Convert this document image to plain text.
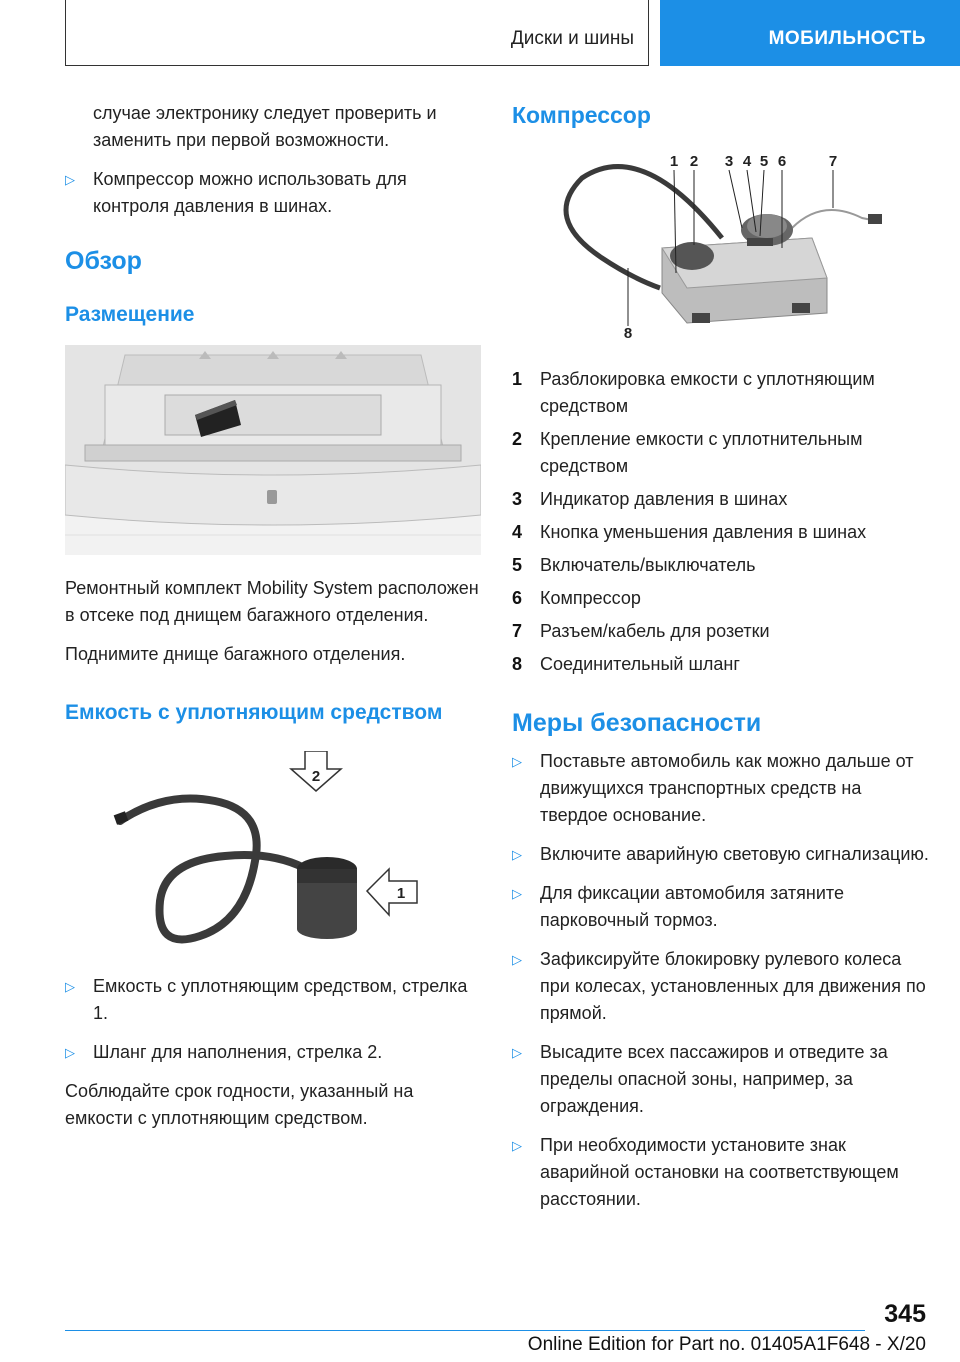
Диски и шины	МОБИЛЬНОСТЬ

случае электронику следует проверить и заменить при первой возможности.

▷ Компрессор можно использовать для контроля давления в шинах.
Обзор
Размещение

Ремонтный комплект Mobility System расположен в отсеке под днищем багажного отделения.

Поднимите днище багажного отделения.

Емкость с уплотняющим средством
2
1
▷ Емкость с уплотняющим средством, стрелка 1.
▷ Шланг для наполнения, стрелка 2.

Соблюдайте срок годности, указанный на емкости с уплотняющим средством.

Компрессор
1 2 3 4 5 6	7
8
1 Разблокировка емкости с уплотняющим средством
2 Крепление емкости с уплотнительным средством
3 Индикатор давления в шинах
4 Кнопка уменьшения давления в шинах
5 Включатель/выключатель
6 Компрессор
7 Разъем/кабель для розетки
8 Соединительный шланг
Меры безопасности
▷ Поставьте автомобиль как можно дальше от движущихся транспортных средств на твердое основание.
▷ Включите аварийную световую сигнализацию.
▷ Для фиксации автомобиля затяните парковочный тормоз.
▷ Зафиксируйте блокировку рулевого колеса при колесах, установленных для движения по прямой.
▷ Высадите всех пассажиров и отведите за пределы опасной зоны, например, за ограждения.
▷ При необходимости установите знак аварийной остановки на соответствующем расстоянии.
345
Online Edition for Part no. 01405A1F648 - X/20
